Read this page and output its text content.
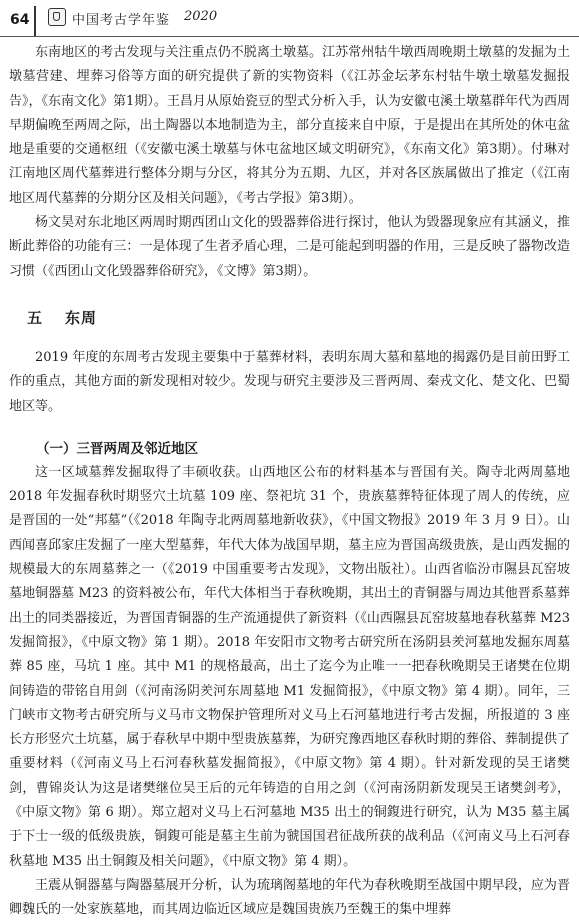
64	中国考古学年鉴 2020

东南地区的考古发现与关注重点仍不脱离土墩墓。江苏常州牯牛墩西周晚期土墩墓的发掘为土墩墓营建、埋葬习俗等方面的研究提供了新的实物资料（《江苏金坛茅东村牯牛墩土墩墓发掘报告》，《东南文化》第1期）。王昌月从原始瓷豆的型式分析入手，认为安徽屯溪土墩墓群年代为西周早期偏晚至两周之际，出土陶器以本地制造为主，部分直接来自中原，于是提出在其所处的休屯盆地是重要的交通枢纽（《安徽屯溪土墩墓与休屯盆地区域文明研究》，《东南文化》第3期）。付琳对江南地区周代墓葬进行整体分期与分区，将其分为五期、九区，并对各区族属做出了推定（《江南地区周代墓葬的分期分区及相关问题》，《考古学报》第3期）。

杨文昊对东北地区两周时期西团山文化的毁器葬俗进行探讨，他认为毁器现象应有其涵义，推断此葬俗的功能有三：一是体现了生者矛盾心理，二是可能起到明器的作用，三是反映了器物改造习惯（《西团山文化毁器葬俗研究》，《文博》第3期）。

五 东周

2019 年度的东周考古发现主要集中于墓葬材料，表明东周大墓和墓地的揭露仍是目前田野工作的重点，其他方面的新发现相对较少。发现与研究主要涉及三晋两周、秦戎文化、楚文化、巴蜀地区等。

（一）三晋两周及邻近地区

这一区域墓葬发掘取得了丰硕收获。山西地区公布的材料基本与晋国有关。陶寺北两周墓地 2018 年发掘春秋时期竖穴土坑墓 109 座、祭祀坑 31 个，贵族墓葬特征体现了周人的传统，应是晋国的一处“邦墓”（《2018 年陶寺北两周墓地新收获》，《中国文物报》2019 年 3 月 9 日）。山西闻喜邱家庄发掘了一座大型墓葬，年代大体为战国早期，墓主应为晋国高级贵族，是山西发掘的规模最大的东周墓葬之一（《2019 中国重要考古发现》，文物出版社）。山西省临汾市隰县瓦窑坡墓地铜器墓 M23 的资料被公布，年代大体相当于春秋晚期，其出土的青铜器与周边其他晋系墓葬出土的同类器接近，为晋国青铜器的生产流通提供了新资料（《山西隰县瓦窑坡墓地春秋墓葬 M23 发掘简报》，《中原文物》第 1 期）。2018 年安阳市文物考古研究所在汤阴县羑河墓地发掘东周墓葬 85 座，马坑 1 座。其中 M1 的规格最高，出土了迄今为止唯一一把春秋晚期吴王诸樊在位期间铸造的带铭自用剑（《河南汤阴羑河东周墓地 M1 发掘简报》，《中原文物》第 4 期）。同年，三门峡市文物考古研究所与义马市文物保护管理所对义马上石河墓地进行考古发掘，所报道的 3 座长方形竖穴土坑墓，属于春秋早中期中型贵族墓葬，为研究豫西地区春秋时期的葬俗、葬制提供了重要材料（《河南义马上石河春秋墓发掘简报》，《中原文物》第 4 期）。针对新发现的吴王诸樊剑，曹锦炎认为这是诸樊继位吴王后的元年铸造的自用之剑（《河南汤阴新发现吴王诸樊剑考》，《中原文物》第 6 期）。郑立超对义马上石河墓地 M35 出土的铜鍑进行研究，认为 M35 墓主属于下士一级的低级贵族，铜鍑可能是墓主生前为虢国国君征战所获的战利品（《河南义马上石河春秋墓地 M35 出土铜鍑及相关问题》，《中原文物》第 4 期）。

王震从铜器墓与陶器墓展开分析，认为琉璃阁墓地的年代为春秋晚期至战国中期早段，应为晋卿魏氏的一处家族墓地，而其周边临近区域应是魏国贵族乃至魏王的集中埋葬
